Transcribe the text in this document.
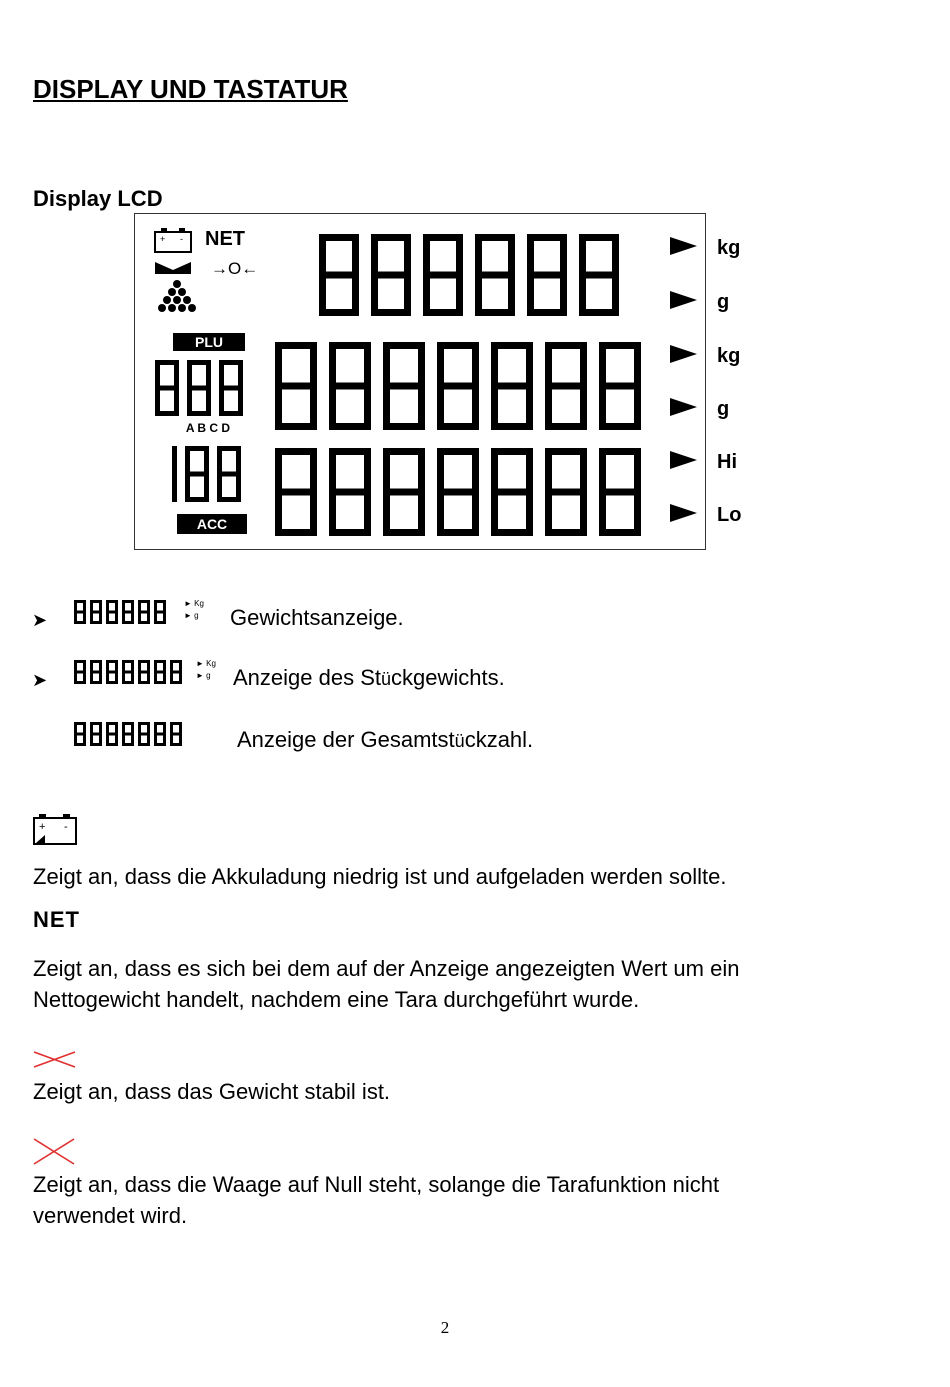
DISPLAY UND TASTATUR
Display LCD
+ - NET
→O←
PLU
A B C D
ACC
kg
g
kg
g
Hi
Lo
➤
➤
► Kg
► g
► Kg
► g
Gewichtsanzeige.
Anzeige des Stückgewichts.
Anzeige der Gesamtstückzahl.
+ -
Zeigt an, dass die Akkuladung niedrig ist und aufgeladen werden sollte.
NET
Zeigt an, dass es sich bei dem auf der Anzeige angezeigten Wert um ein
Nettogewicht handelt, nachdem eine Tara durchgeführt wurde.
Zeigt an, dass das Gewicht stabil ist.
Zeigt an, dass die Waage auf Null steht, solange die Tarafunktion nicht
verwendet wird.
2
